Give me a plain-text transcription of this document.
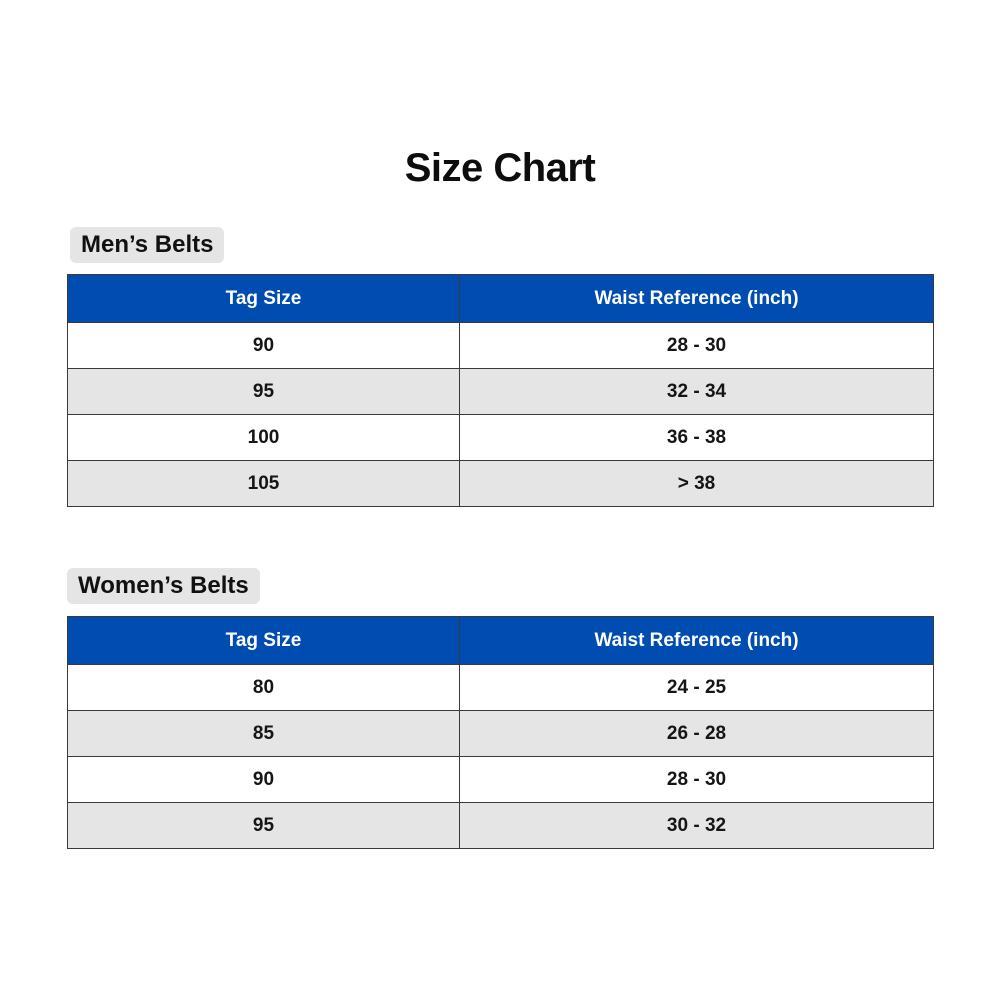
Size Chart
Men’s Belts
Tag Size	Waist Reference (inch)
90	28 - 30
95	32 - 34
100	36 - 38
105	> 38
Women’s Belts
Tag Size	Waist Reference (inch)
80	24 - 25
85	26 - 28
90	28 - 30
95	30 - 32
